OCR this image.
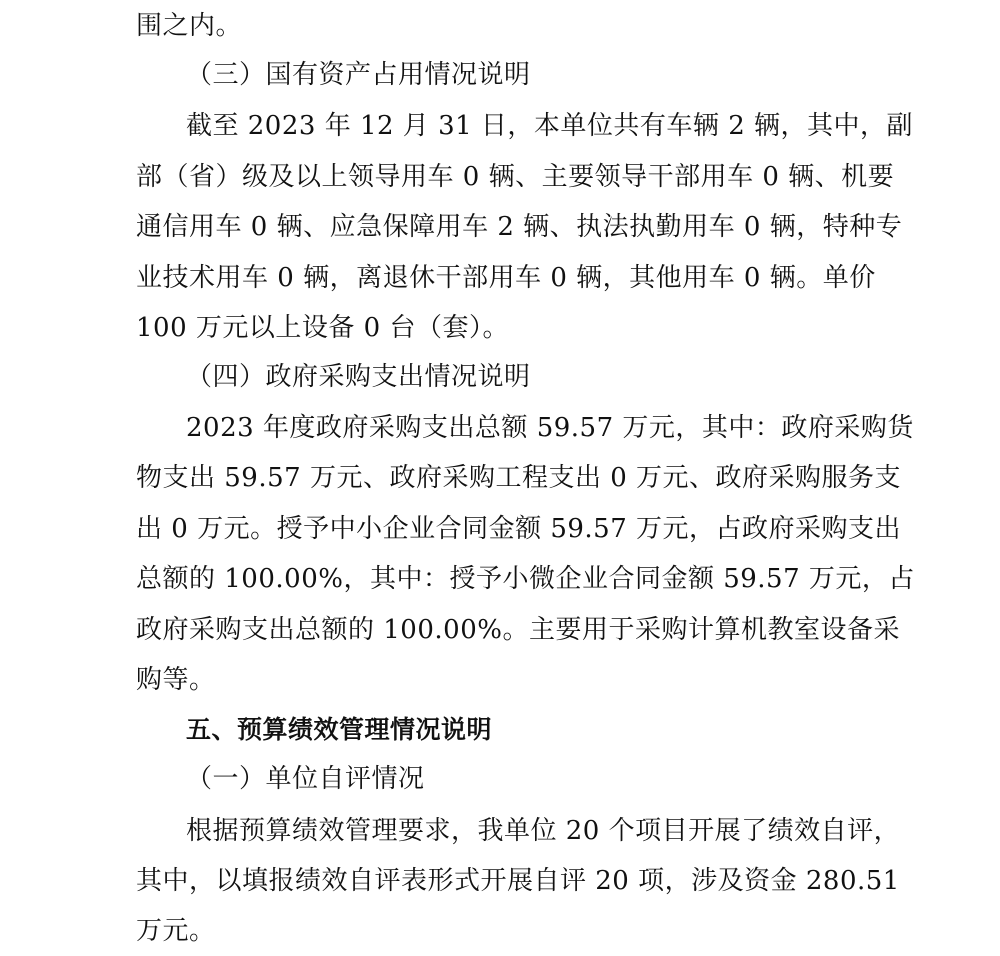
围之内。
（三）国有资产占用情况说明
截至 2023 年 12 月 31 日，本单位共有车辆 2 辆，其中，副
部（省）级及以上领导用车 0 辆、主要领导干部用车 0 辆、机要
通信用车 0 辆、应急保障用车 2 辆、执法执勤用车 0 辆，特种专
业技术用车 0 辆，离退休干部用车 0 辆，其他用车 0 辆。单价
100 万元以上设备 0 台（套）。
（四）政府采购支出情况说明
2023 年度政府采购支出总额 59.57 万元，其中：政府采购货
物支出 59.57 万元、政府采购工程支出 0 万元、政府采购服务支
出 0 万元。授予中小企业合同金额 59.57 万元，占政府采购支出
总额的 100.00%，其中：授予小微企业合同金额 59.57 万元，占
政府采购支出总额的 100.00%。主要用于采购计算机教室设备采
购等。
五、预算绩效管理情况说明
（一）单位自评情况
根据预算绩效管理要求，我单位 20 个项目开展了绩效自评，
其中，以填报绩效自评表形式开展自评 20 项，涉及资金 280.51
万元。
